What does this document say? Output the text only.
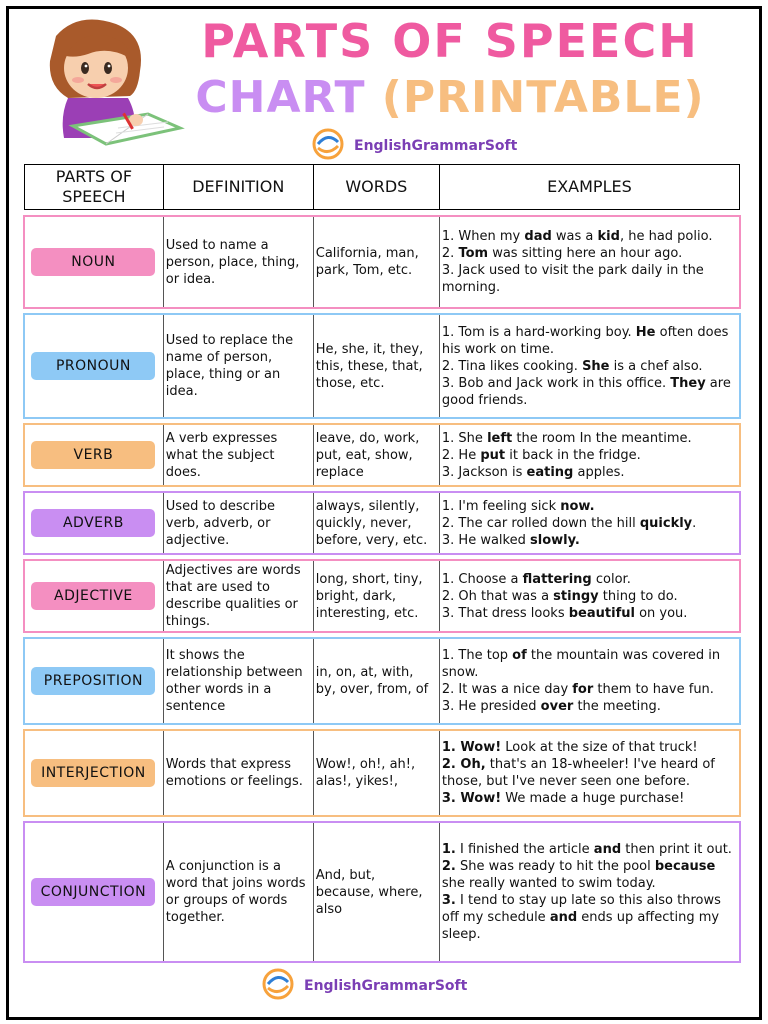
PARTS OF SPEECH
CHART (PRINTABLE)
EnglishGrammarSoft
PARTS OF SPEECH	DEFINITION	WORDS	EXAMPLES

NOUN	Used to name a person, place, thing, or idea.	California, man, park, Tom, etc.	1. When my dad was a kid, he had polio.
2. Tom was sitting here an hour ago.
3. Jack used to visit the park daily in the morning.

PRONOUN	Used to replace the name of person, place, thing or an idea.	He, she, it, they, this, these, that, those, etc.	1. Tom is a hard-working boy. He often does his work on time.
2. Tina likes cooking. She is a chef also.
3. Bob and Jack work in this office. They are good friends.

VERB	A verb expresses what the subject does.	leave, do, work, put, eat, show, replace	1. She left the room In the meantime.
2. He put it back in the fridge.
3. Jackson is eating apples.

ADVERB	Used to describe verb, adverb, or adjective.	always, silently, quickly, never, before, very, etc.	1. I'm feeling sick now.
2. The car rolled down the hill quickly.
3. He walked slowly.

ADJECTIVE	Adjectives are words that are used to describe qualities or things.	long, short, tiny, bright, dark, interesting, etc.	1. Choose a flattering color.
2. Oh that was a stingy thing to do.
3. That dress looks beautiful on you.

PREPOSITION	It shows the relationship between other words in a sentence	in, on, at, with, by, over, from, of	1. The top of the mountain was covered in snow.
2. It was a nice day for them to have fun.
3. He presided over the meeting.

INTERJECTION	Words that express emotions or feelings.	Wow!, oh!, ah!, alas!, yikes!,	1. Wow! Look at the size of that truck!
2. Oh, that's an 18-wheeler! I've heard of those, but I've never seen one before.
3. Wow! We made a huge purchase!

CONJUNCTION	A conjunction is a word that joins words or groups of words together.	And, but, because, where, also	1. I finished the article and then print it out.
2. She was ready to hit the pool because she really wanted to swim today.
3. I tend to stay up late so this also throws off my schedule and ends up affecting my sleep.
EnglishGrammarSoft
